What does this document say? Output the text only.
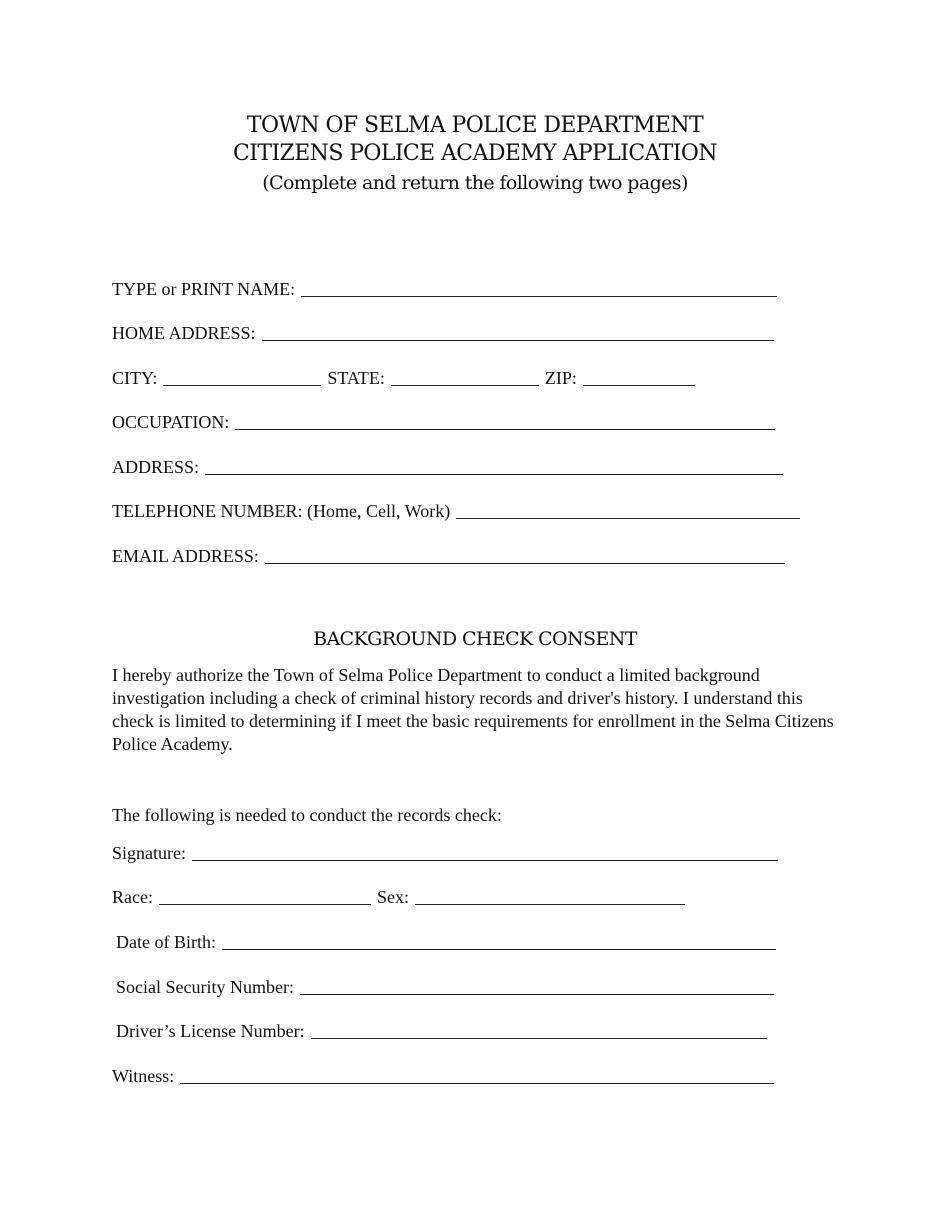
TOWN OF SELMA POLICE DEPARTMENT
CITIZENS POLICE ACADEMY APPLICATION
(Complete and return the following two pages)
TYPE or PRINT NAME:
HOME ADDRESS:
CITY:	STATE:	ZIP:
OCCUPATION:
ADDRESS:
TELEPHONE NUMBER: (Home, Cell, Work)
EMAIL ADDRESS:
BACKGROUND CHECK CONSENT
I hereby authorize the Town of Selma Police Department to conduct a limited background investigation including a check of criminal history records and driver's history. I understand this check is limited to determining if I meet the basic requirements for enrollment in the Selma Citizens Police Academy.
The following is needed to conduct the records check:
Signature:
Race:	Sex:
Date of Birth:
Social Security Number:
Driver’s License Number:
Witness:
